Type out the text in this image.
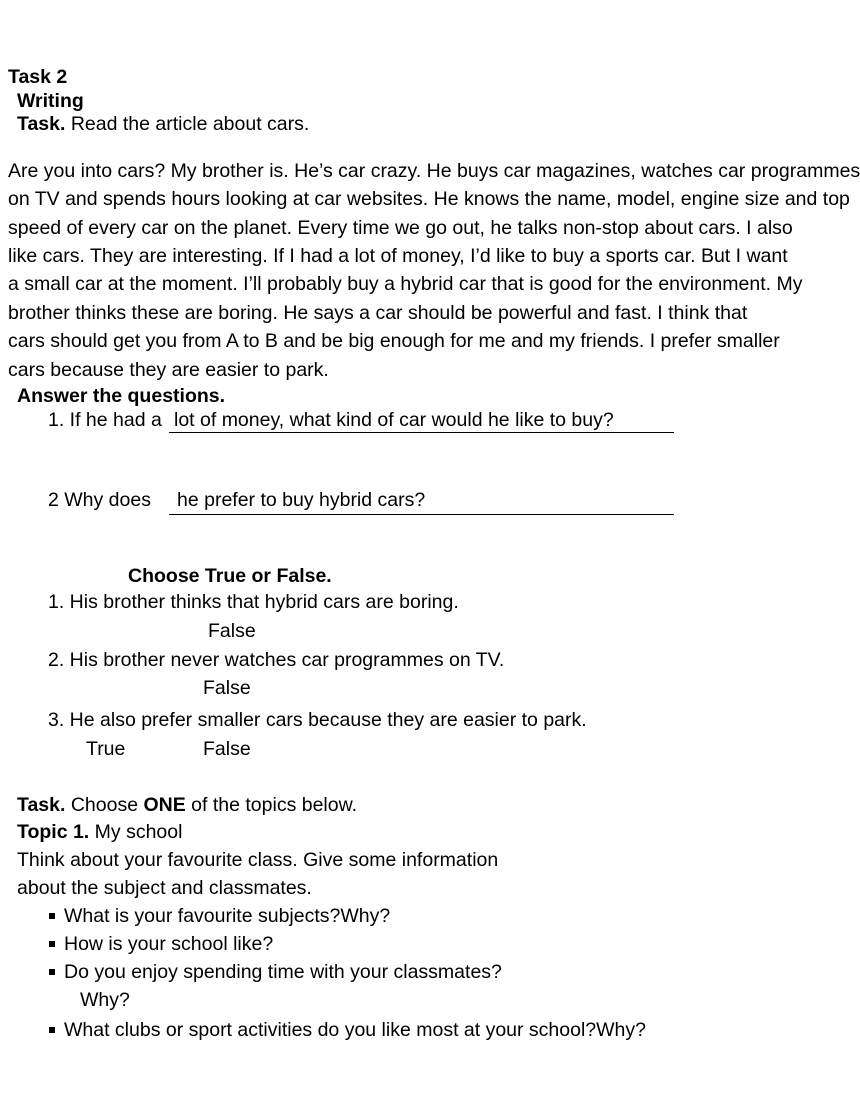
Task 2
Writing
Task. Read the article about cars.
Are you into cars? My brother is. He’s car crazy. He buys car magazines, watches car programmes
on TV and spends hours looking at car websites. He knows the name, model, engine size and top
speed of every car on the planet. Every time we go out, he talks non-stop about cars. I also
like cars. They are interesting. If I had a lot of money, I’d like to buy a sports car. But I want
a small car at the moment. I’ll probably buy a hybrid car that is good for the environment. My
brother thinks these are boring. He says a car should be powerful and fast. I think that
cars should get you from A to B and be big enough for me and my friends. I prefer smaller
cars because they are easier to park.
Answer the questions.
1. If he had a lot of money, what kind of car would he like to buy?
2 Why does he prefer to buy hybrid cars?
Choose True or False.
1. His brother thinks that hybrid cars are boring.
False
2. His brother never watches car programmes on TV.
False
3. He also prefer smaller cars because they are easier to park.
True	False
Task. Choose ONE of the topics below.
Topic 1. My school
Think about your favourite class. Give some information
about the subject and classmates.
What is your favourite subjects?Why?
How is your school like?
Do you enjoy spending time with your classmates?
Why?
What clubs or sport activities do you like most at your school?Why?
